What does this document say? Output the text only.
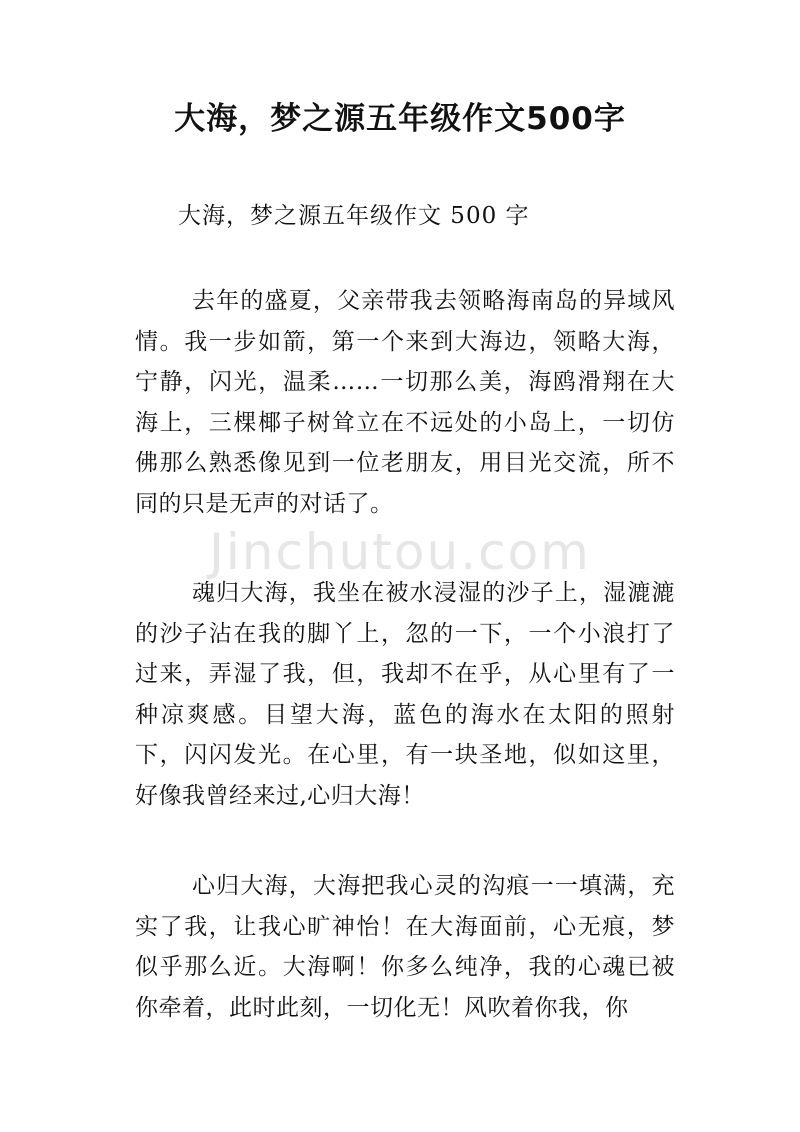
大海，梦之源五年级作文500字
大海，梦之源五年级作文 500 字
去年的盛夏，父亲带我去领略海南岛的异域风情。我一步如箭，第一个来到大海边，领略大海，宁静，闪光，温柔……一切那么美，海鸥滑翔在大海上，三棵椰子树耸立在不远处的小岛上，一切仿佛那么熟悉像见到一位老朋友，用目光交流，所不同的只是无声的对话了。
Jinchutou.com
魂归大海，我坐在被水浸湿的沙子上，湿漉漉的沙子沾在我的脚丫上，忽的一下，一个小浪打了过来，弄湿了我，但，我却不在乎，从心里有了一种凉爽感。目望大海，蓝色的海水在太阳的照射下，闪闪发光。在心里，有一块圣地，似如这里，好像我曾经来过,心归大海！
心归大海，大海把我心灵的沟痕一一填满，充实了我，让我心旷神怡！在大海面前，心无痕，梦似乎那么近。大海啊！你多么纯净，我的心魂已被你牵着，此时此刻，一切化无！风吹着你我，你
